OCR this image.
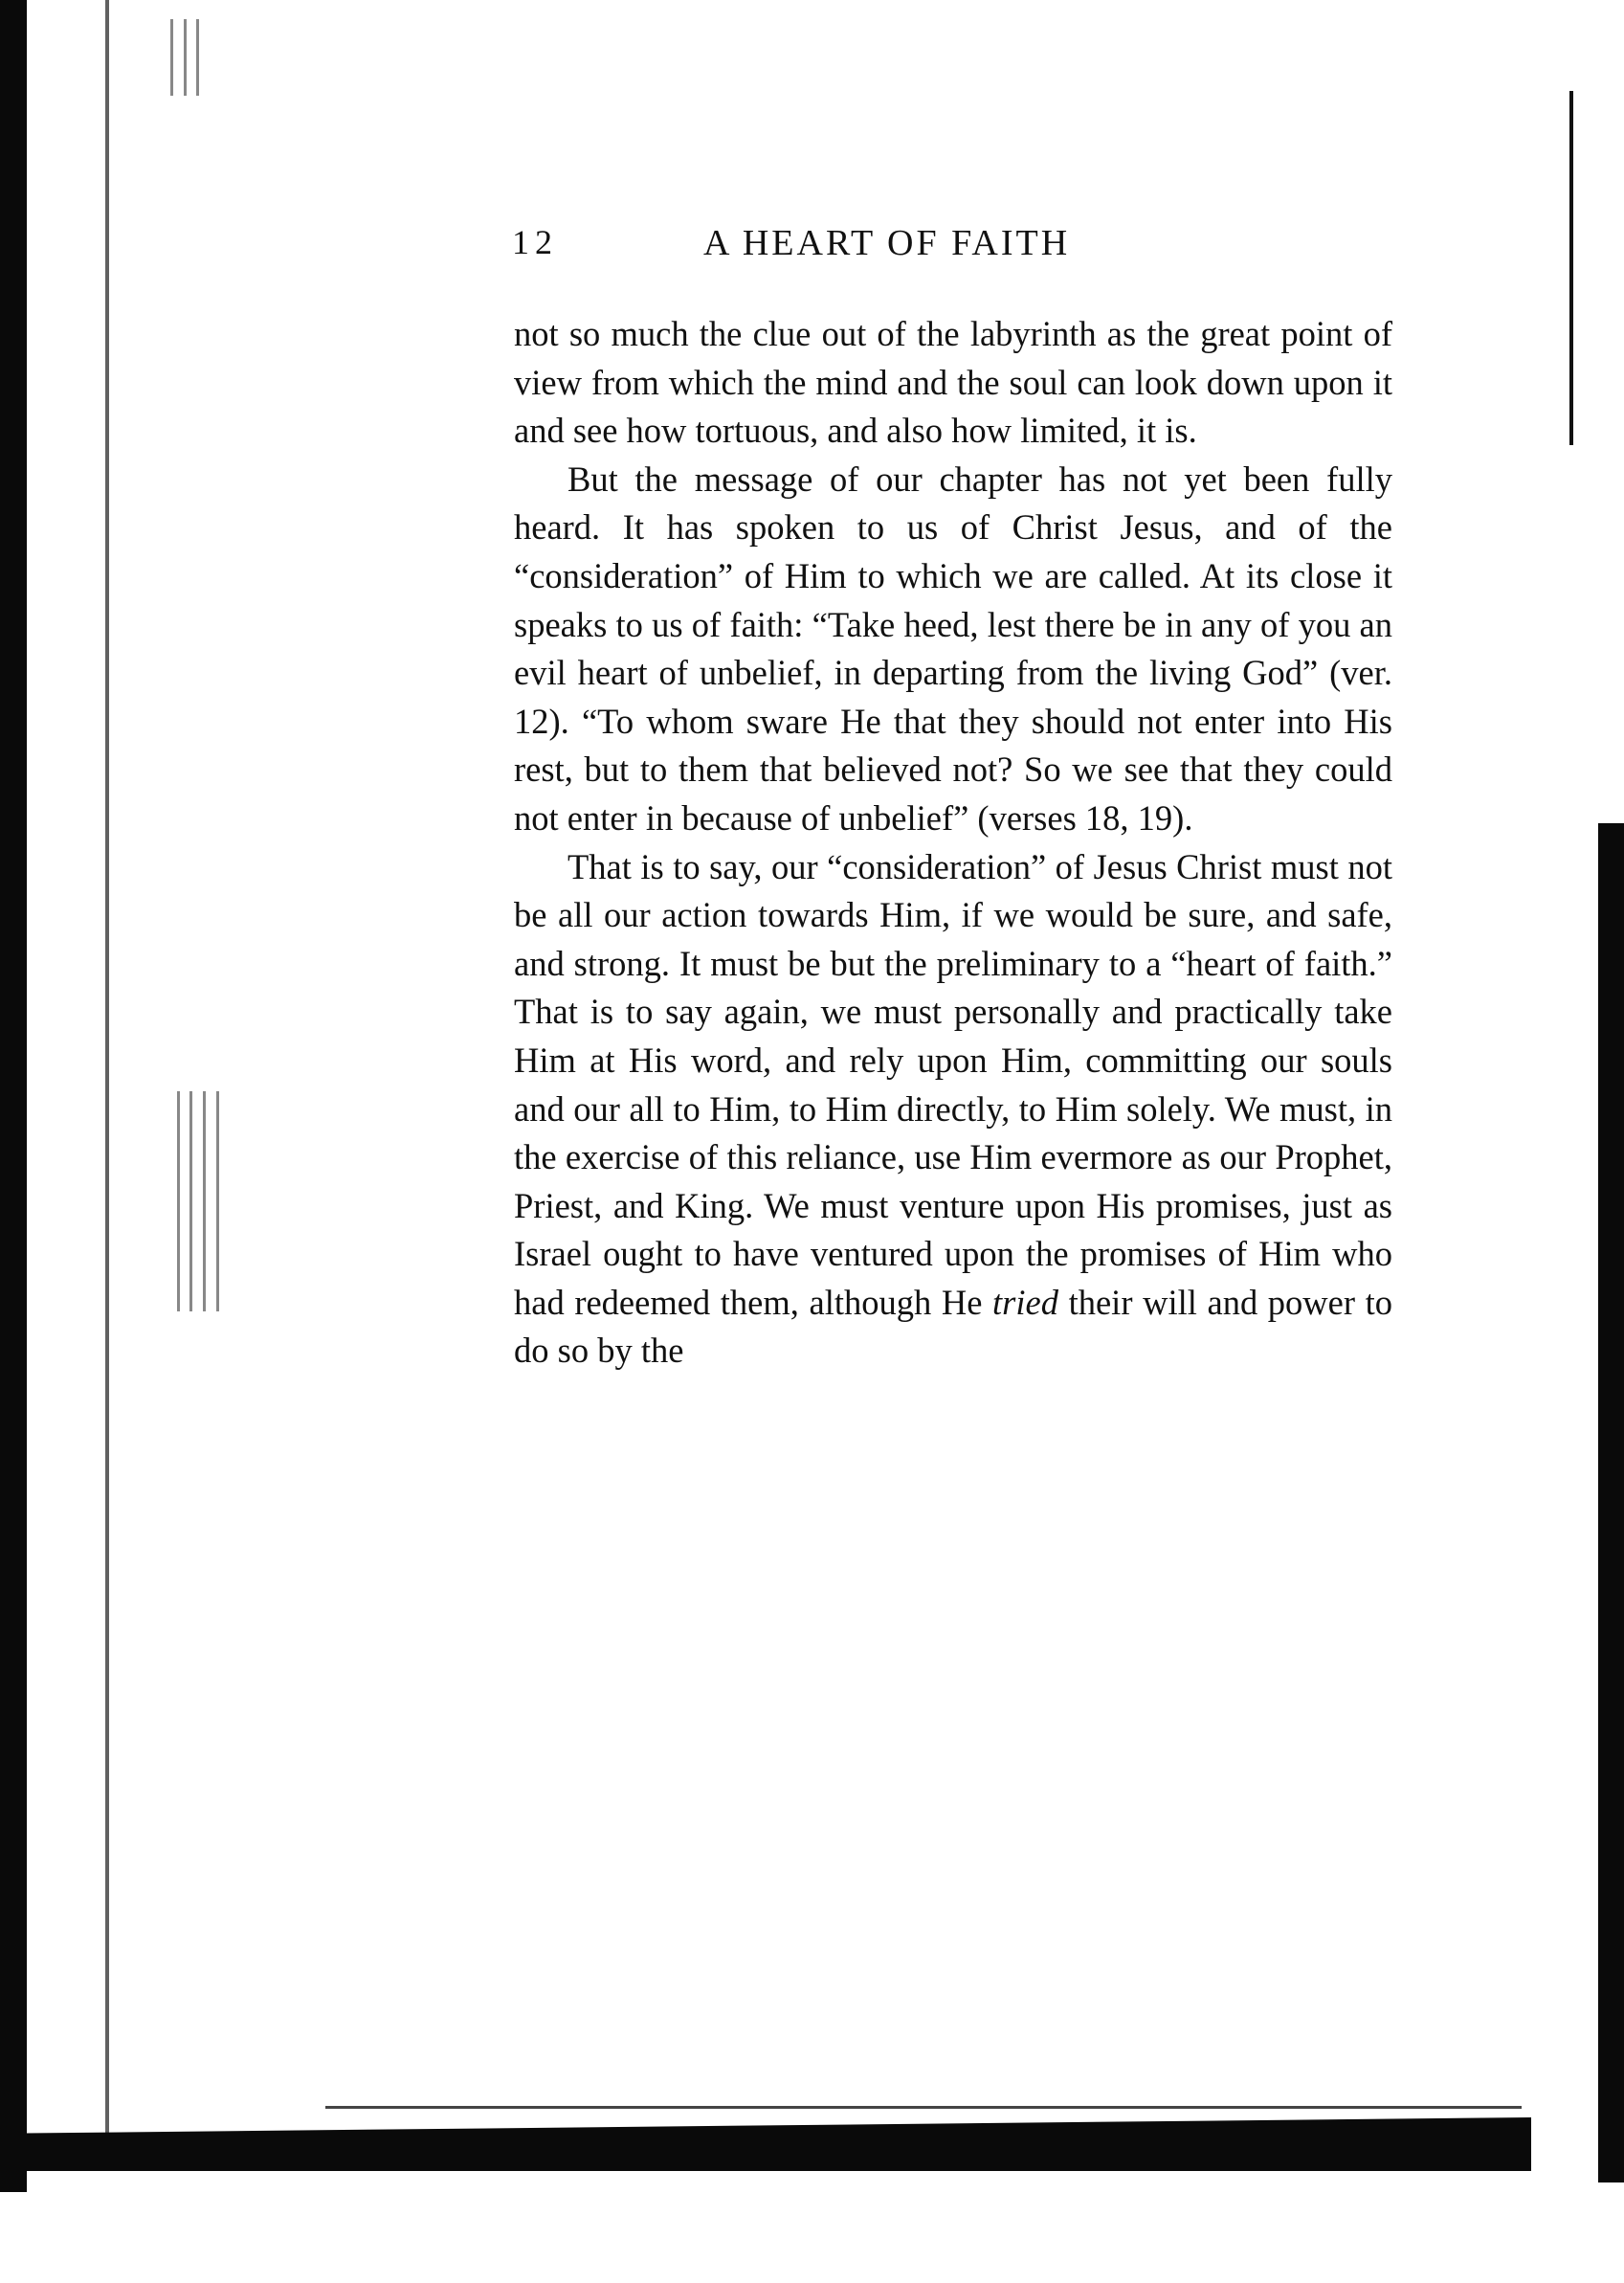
12	A HEART OF FAITH

not so much the clue out of the labyrinth as the great point of view from which the mind and the soul can look down upon it and see how tortuous, and also how limited, it is.

But the message of our chapter has not yet been fully heard. It has spoken to us of Christ Jesus, and of the “consideration” of Him to which we are called. At its close it speaks to us of faith: “Take heed, lest there be in any of you an evil heart of unbelief, in departing from the living God” (ver. 12). “To whom sware He that they should not enter into His rest, but to them that believed not? So we see that they could not enter in because of unbelief” (verses 18, 19).

That is to say, our “consideration” of Jesus Christ must not be all our action towards Him, if we would be sure, and safe, and strong. It must be but the preliminary to a “heart of faith.” That is to say again, we must personally and practically take Him at His word, and rely upon Him, committing our souls and our all to Him, to Him directly, to Him solely. We must, in the exercise of this reliance, use Him evermore as our Prophet, Priest, and King. We must venture upon His promises, just as Israel ought to have ventured upon the promises of Him who had redeemed them, although He tried their will and power to do so by the
